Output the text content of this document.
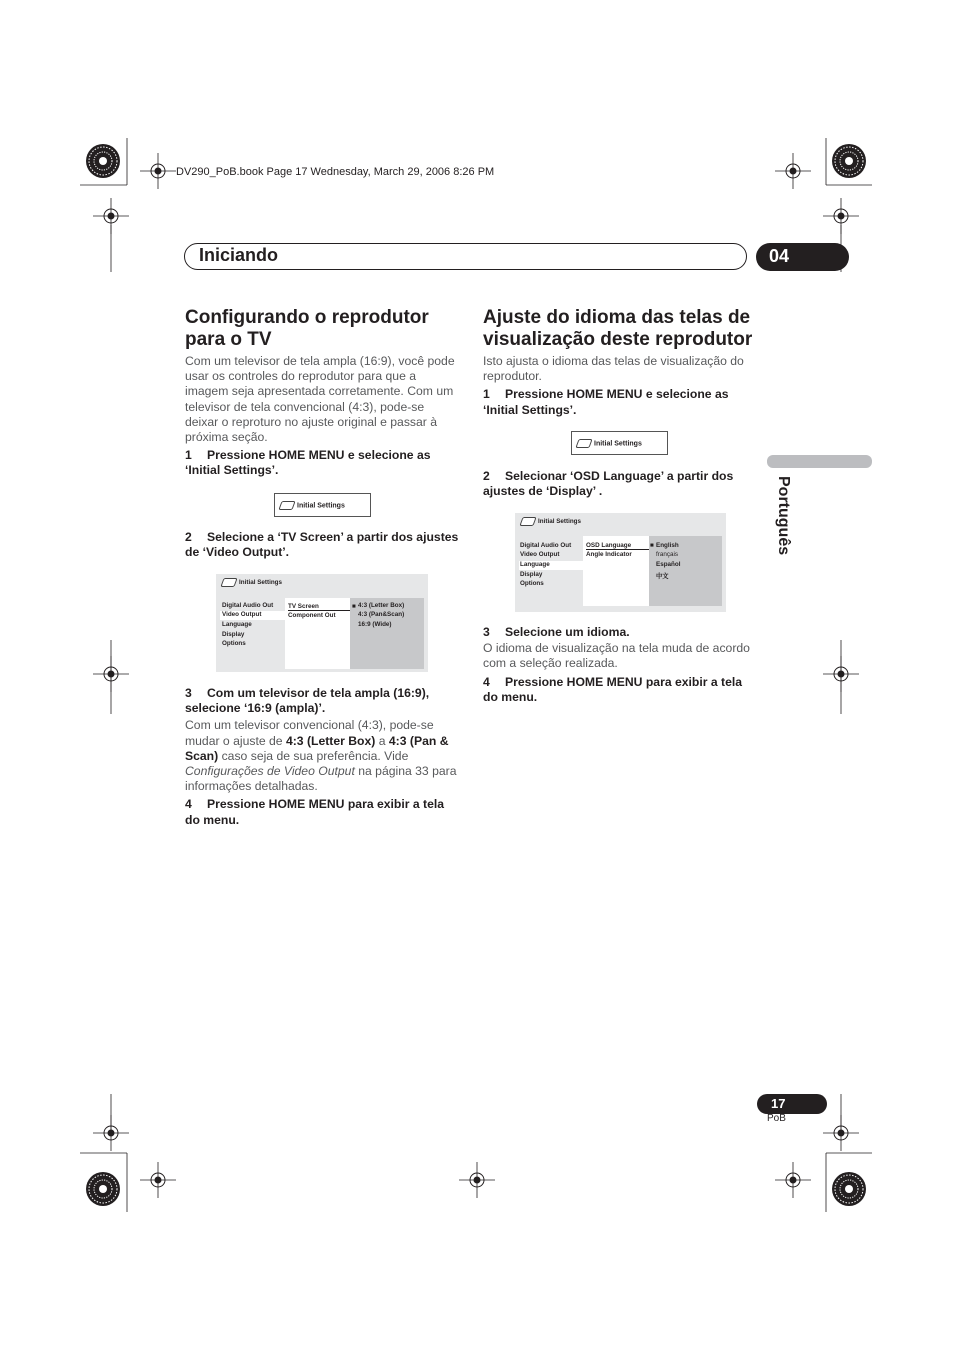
DV290_PoB.book Page 17 Wednesday, March 29, 2006 8:26 PM
Iniciando	04
Português
Configurando o reprodutor para o TV
Com um televisor de tela ampla (16:9), você pode usar os controles do reprodutor para que a imagem seja apresentada corretamente. Com um televisor de tela convencional (4:3), pode-se deixar o reproturo no ajuste original e passar à próxima seção.
1 Pressione HOME MENU e selecione as ‘Initial Settings’.
Initial Settings
2 Selecione a ‘TV Screen’ a partir dos ajustes de ‘Video Output’.
Initial Settings
Digital Audio Out
Video Output
Language
Display
Options
TV Screen
Component Out
■ 4:3 (Letter Box)
4:3 (Pan&Scan)
16:9 (Wide)
3 Com um televisor de tela ampla (16:9), selecione ‘16:9 (ampla)’.
Com um televisor convencional (4:3), pode-se mudar o ajuste de 4:3 (Letter Box) a 4:3 (Pan & Scan) caso seja de sua preferência. Vide Configurações de Video Output na página 33 para informações detalhadas.
4 Pressione HOME MENU para exibir a tela do menu.
Ajuste do idioma das telas de visualização deste reprodutor
Isto ajusta o idioma das telas de visualização do reprodutor.
1 Pressione HOME MENU e selecione as ‘Initial Settings’.
Initial Settings
2 Selecionar ‘OSD Language’ a partir dos ajustes de ‘Display’ .
Initial Settings
Digital Audio Out
Video Output
Language
Display
Options
OSD Language
Angle Indicator
■ English
français
Español
中文
3 Selecione um idioma.
O idioma de visualização na tela muda de acordo com a seleção realizada.
4 Pressione HOME MENU para exibir a tela do menu.
17
PoB
